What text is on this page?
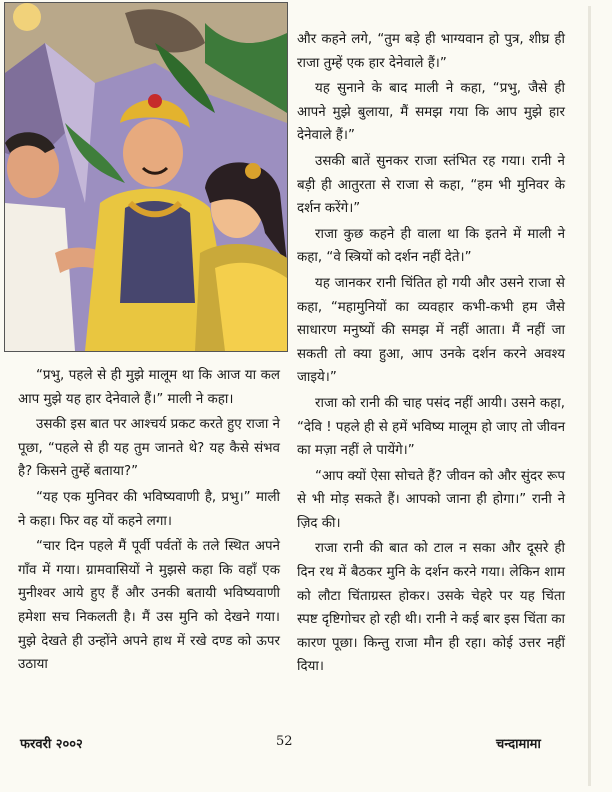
“प्रभु, पहले से ही मुझे मालूम था कि आज या कल आप मुझे यह हार देनेवाले हैं।” माली ने कहा।

उसकी इस बात पर आश्चर्य प्रकट करते हुए राजा ने पूछा, “पहले से ही यह तुम जानते थे? यह कैसे संभव है? किसने तुम्हें बताया?”

“यह एक मुनिवर की भविष्यवाणी है, प्रभु।” माली ने कहा। फिर वह यों कहने लगा।

“चार दिन पहले मैं पूर्वी पर्वतों के तले स्थित अपने गाँव में गया। ग्रामवासियों ने मुझसे कहा कि वहाँ एक मुनीश्वर आये हुए हैं और उनकी बतायी भविष्यवाणी हमेशा सच निकलती है। मैं उस मुनि को देखने गया। मुझे देखते ही उन्होंने अपने हाथ में रखे दण्ड को ऊपर उठाया

और कहने लगे, “तुम बड़े ही भाग्यवान हो पुत्र, शीघ्र ही राजा तुम्हें एक हार देनेवाले हैं।”

यह सुनाने के बाद माली ने कहा, “प्रभु, जैसे ही आपने मुझे बुलाया, मैं समझ गया कि आप मुझे हार देनेवाले हैं।”

उसकी बातें सुनकर राजा स्तंभित रह गया। रानी ने बड़ी ही आतुरता से राजा से कहा, “हम भी मुनिवर के दर्शन करेंगे।”

राजा कुछ कहने ही वाला था कि इतने में माली ने कहा, “वे स्त्रियों को दर्शन नहीं देते।”

यह जानकर रानी चिंतित हो गयी और उसने राजा से कहा, “महामुनियों का व्यवहार कभी-कभी हम जैसे साधारण मनुष्यों की समझ में नहीं आता। मैं नहीं जा सकती तो क्या हुआ, आप उनके दर्शन करने अवश्य जाइये।”

राजा को रानी की चाह पसंद नहीं आयी। उसने कहा, “देवि ! पहले ही से हमें भविष्य मालूम हो जाए तो जीवन का मज़ा नहीं ले पायेंगे।”

“आप क्यों ऐसा सोचते हैं? जीवन को और सुंदर रूप से भी मोड़ सकते हैं। आपको जाना ही होगा।” रानी ने ज़िद की।

राजा रानी की बात को टाल न सका और दूसरे ही दिन रथ में बैठकर मुनि के दर्शन करने गया। लेकिन शाम को लौटा चिंताग्रस्त होकर। उसके चेहरे पर यह चिंता स्पष्ट दृष्टिगोचर हो रही थी। रानी ने कई बार इस चिंता का कारण पूछा। किन्तु राजा मौन ही रहा। कोई उत्तर नहीं दिया।

फरवरी २००२	52	चन्दामामा
